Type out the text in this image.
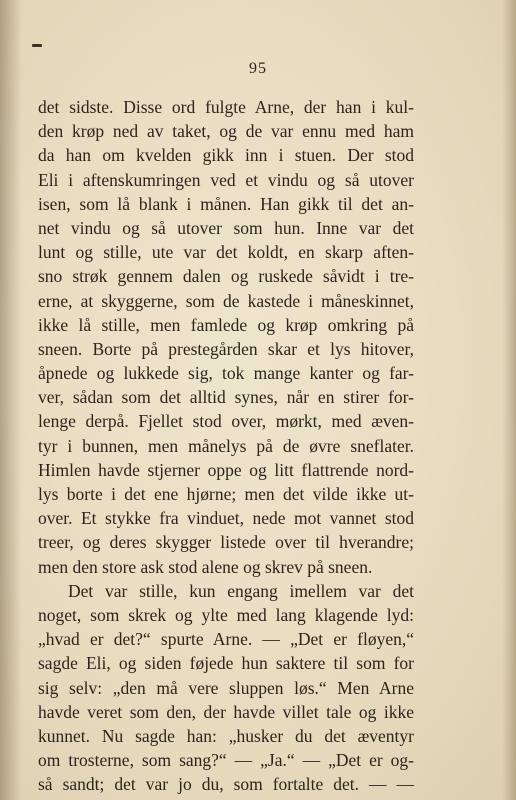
95
det sidste. Disse ord fulgte Arne, der han i kul-
den krøp ned av taket, og de var ennu med ham
da han om kvelden gikk inn i stuen. Der stod
Eli i aftenskumringen ved et vindu og så utover
isen, som lå blank i månen. Han gikk til det an-
net vindu og så utover som hun. Inne var det
lunt og stille, ute var det koldt, en skarp aften-
sno strøk gennem dalen og ruskede såvidt i tre-
erne, at skyggerne, som de kastede i måneskinnet,
ikke lå stille, men famlede og krøp omkring på
sneen. Borte på prestegården skar et lys hitover,
åpnede og lukkede sig, tok mange kanter og far-
ver, sådan som det alltid synes, når en stirer for-
lenge derpå. Fjellet stod over, mørkt, med æven-
tyr i bunnen, men månelys på de øvre sneflater.
Himlen havde stjerner oppe og litt flattrende nord-
lys borte i det ene hjørne; men det vilde ikke ut-
over. Et stykke fra vinduet, nede mot vannet stod
treer, og deres skygger listede over til hverandre;
men den store ask stod alene og skrev på sneen.
Det var stille, kun engang imellem var det
noget, som skrek og ylte med lang klagende lyd:
„hvad er det?“ spurte Arne. — „Det er fløyen,“
sagde Eli, og siden føjede hun saktere til som for
sig selv: „den må vere sluppen løs.“ Men Arne
havde veret som den, der havde villet tale og ikke
kunnet. Nu sagde han: „husker du det æventyr
om trosterne, som sang?“ — „Ja.“ — „Det er og-
så sandt; det var jo du, som fortalte det. — —
